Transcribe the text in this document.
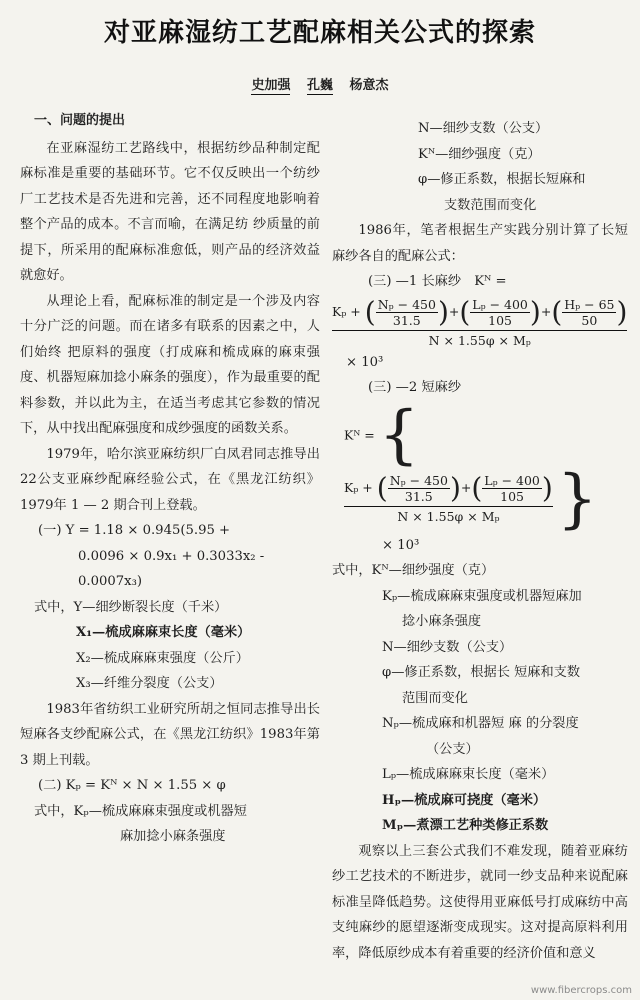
对亚麻湿纺工艺配麻相关公式的探索
史加强 孔巍 杨意杰

一、问题的提出

在亚麻湿纺工艺路线中，根据纺纱品种制定配麻标准是重要的基础环节。它不仅反映出一个纺纱厂工艺技术是否先进和完善，还不同程度地影响着整个产品的成本。不言而喻，在满足纺 纱质量的前提下，所采用的配麻标准愈低，则产品的经济效益就愈好。

从理论上看，配麻标准的制定是一个涉及内容十分广泛的问题。而在诸多有联系的因素之中，人们始终 把原料的强度（打成麻和梳成麻的麻束强度、机器短麻加捻小麻条的强度），作为最重要的配料参数，并以此为主，在适当考虑其它参数的情况下，从中找出配麻强度和成纱强度的函数关系。

1979年，哈尔滨亚麻纺织厂白凤君同志推导出22公支亚麻纱配麻经验公式，在《黑龙江纺织》1979年 1 — 2 期合刊上登载。

(一) Y = 1.18 × 0.945(5.95 +
0.0096 × 0.9x₁ + 0.3033x₂ -
0.0007x₃)
式中，Y—细纱断裂长度（千米）
X₁—梳成麻麻束长度（毫米）
X₂—梳成麻麻束强度（公斤）
X₃—纤维分裂度（公支）

1983年省纺织工业研究所胡之恒同志推导出长短麻各支纱配麻公式，在《黑龙江纺织》1983年第 3 期上刊载。

(二) Kₚ = Kᴺ × N × 1.55 × φ
式中，Kₚ—梳成麻麻束强度或机器短
麻加捻小麻条强度
N—细纱支数（公支）
Kᴺ—细纱强度（克）
φ—修正系数，根据长短麻和
支数范围而变化

1986年，笔者根据生产实践分别计算了长短麻纱各自的配麻公式：

(三) —1 长麻纱　Kᴺ =
$\frac{K_p + ( \frac{\text{Nₚ − 450}}{31.5} )+( \frac{\text{Lₚ − 400}}{105} )+( \frac{\text{Hₚ − 65}}{50} )}{\text{N × 1.55φ × Mₚ}}$
× 10³
(三) —2 短麻纱
Kᴺ = {
$\frac{K_p + ( \frac{\text{Nₚ − 450}}{31.5} )+( \frac{\text{Lₚ − 400}}{105} )}{\text{N × 1.55φ × Mₚ}}$ }
× 10³
式中，Kᴺ—细纱强度（克）
Kₚ—梳成麻麻束强度或机器短麻加
捻小麻条强度
N—细纱支数（公支）
φ—修正系数，根据长 短麻和支数
范围而变化
Nₚ—梳成麻和机器短 麻 的分裂度
（公支）
Lₚ—梳成麻麻束长度（毫米）
Hₚ—梳成麻可挠度（毫米）
Mₚ—煮漂工艺种类修正系数

观察以上三套公式我们不难发现，随着亚麻纺纱工艺技术的不断进步，就同一纱支品种来说配麻标准呈降低趋势。这使得用亚麻低号打成麻纺中高支纯麻纱的愿望逐渐变成现实。这对提高原料利用率，降低原纱成本有着重要的经济价值和意义

www.fibercrops.com
